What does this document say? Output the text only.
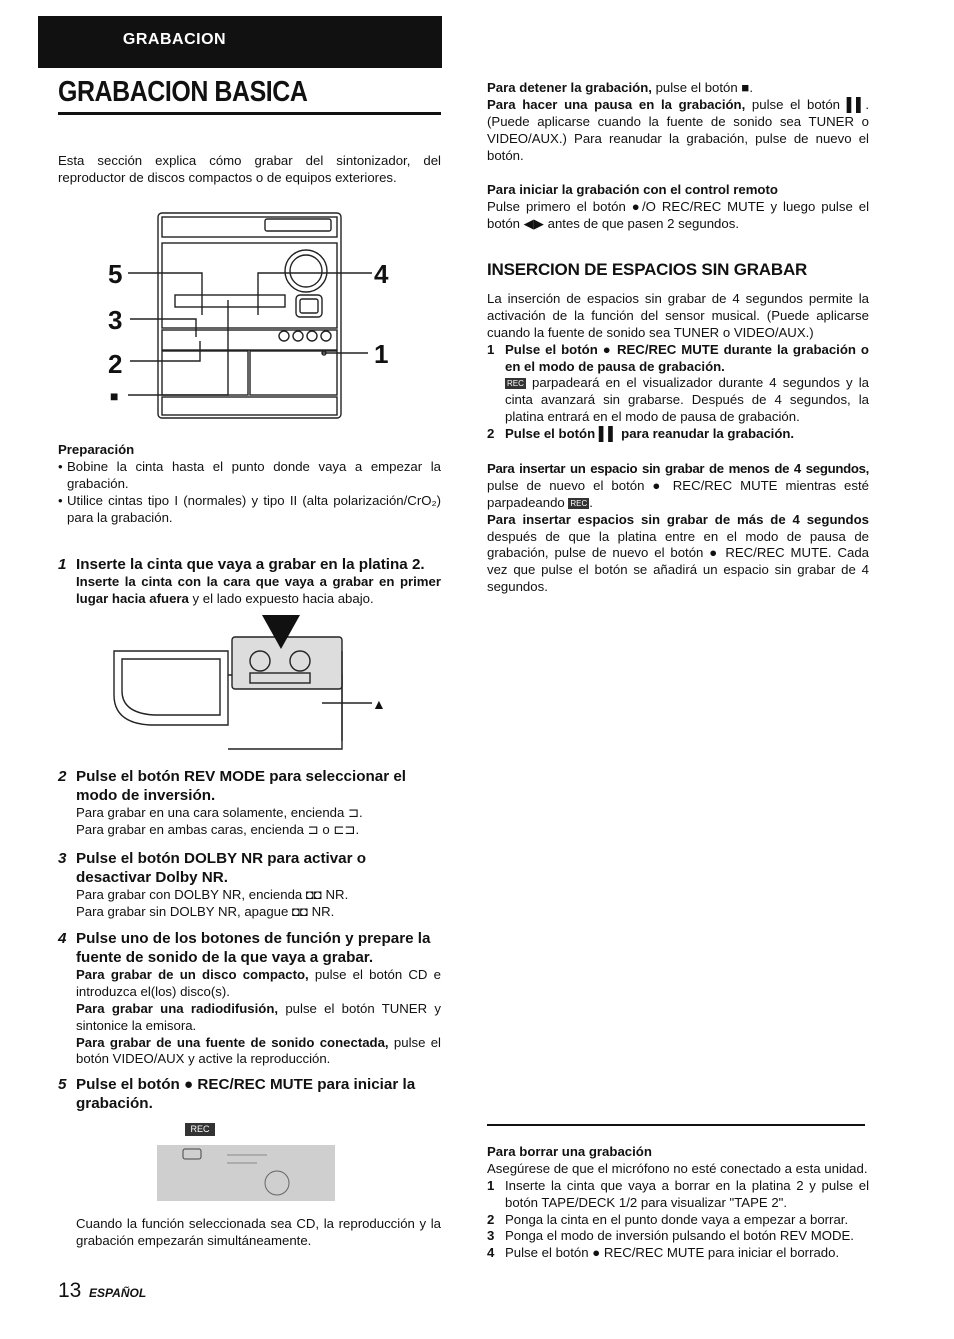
GRABACION
GRABACION BASICA

Esta sección explica cómo grabar del sintonizador, del reproductor de discos compactos o de equipos exteriores.

5
3
2
4
1
■
Preparación
• Bobine la cinta hasta el punto donde vaya a empezar la grabación.
• Utilice cintas tipo I (normales) y tipo II (alta polarización/CrO₂) para la grabación.
1 Inserte la cinta que vaya a grabar en la platina 2.

Inserte la cinta con la cara que vaya a grabar en primer lugar hacia afuera y el lado expuesto hacia abajo.

▲
2 Pulse el botón REV MODE para seleccionar el modo de inversión.
Para grabar en una cara solamente, encienda ⊐.
Para grabar en ambas caras, encienda ⊐ o ⊏⊐.
3 Pulse el botón DOLBY NR para activar o desactivar Dolby NR.
Para grabar con DOLBY NR, encienda ◘◘ NR.
Para grabar sin DOLBY NR, apague ◘◘ NR.
4 Pulse uno de los botones de función y prepare la fuente de sonido de la que vaya a grabar.

Para grabar de un disco compacto, pulse el botón CD e introduzca el(los) disco(s).

Para grabar una radiodifusión, pulse el botón TUNER y sintonice la emisora.

Para grabar de una fuente de sonido conectada, pulse el botón VIDEO/AUX y active la reproducción.

5 Pulse el botón ● REC/REC MUTE para iniciar la grabación.
REC

Cuando la función seleccionada sea CD, la reproducción y la grabación empezarán simultáneamente.

13 ESPAÑOL

Para detener la grabación, pulse el botón ■.

Para hacer una pausa en la grabación, pulse el botón ▌▌. (Puede aplicarse cuando la fuente de sonido sea TUNER o VIDEO/AUX.) Para reanudar la grabación, pulse de nuevo el botón.

Para iniciar la grabación con el control remoto

Pulse primero el botón ●/O REC/REC MUTE y luego pulse el botón ◀▶ antes de que pasen 2 segundos.

INSERCION DE ESPACIOS SIN GRABAR

La inserción de espacios sin grabar de 4 segundos permite la activación de la función del sensor musical. (Puede aplicarse cuando la fuente de sonido sea TUNER o VIDEO/AUX.)

1 Pulse el botón ● REC/REC MUTE durante la grabación o en el modo de pausa de grabación.

REC parpadeará en el visualizador durante 4 segundos y la cinta avanzará sin grabarse. Después de 4 segundos, la platina entrará en el modo de pausa de grabación.

2 Pulse el botón ▌▌ para reanudar la grabación.

Para insertar un espacio sin grabar de menos de 4 segundos, pulse de nuevo el botón ● REC/REC MUTE mientras esté parpadeando REC .

Para insertar espacios sin grabar de más de 4 segundos después de que la platina entre en el modo de pausa de grabación, pulse de nuevo el botón ● REC/REC MUTE. Cada vez que pulse el botón se añadirá un espacio sin grabar de 4 segundos.

Para borrar una grabación

Asegúrese de que el micrófono no esté conectado a esta unidad.

1 Inserte la cinta que vaya a borrar en la platina 2 y pulse el botón TAPE/DECK 1/2 para visualizar "TAPE 2".
2 Ponga la cinta en el punto donde vaya a empezar a borrar.
3 Ponga el modo de inversión pulsando el botón REV MODE.
4 Pulse el botón ● REC/REC MUTE para iniciar el borrado.
